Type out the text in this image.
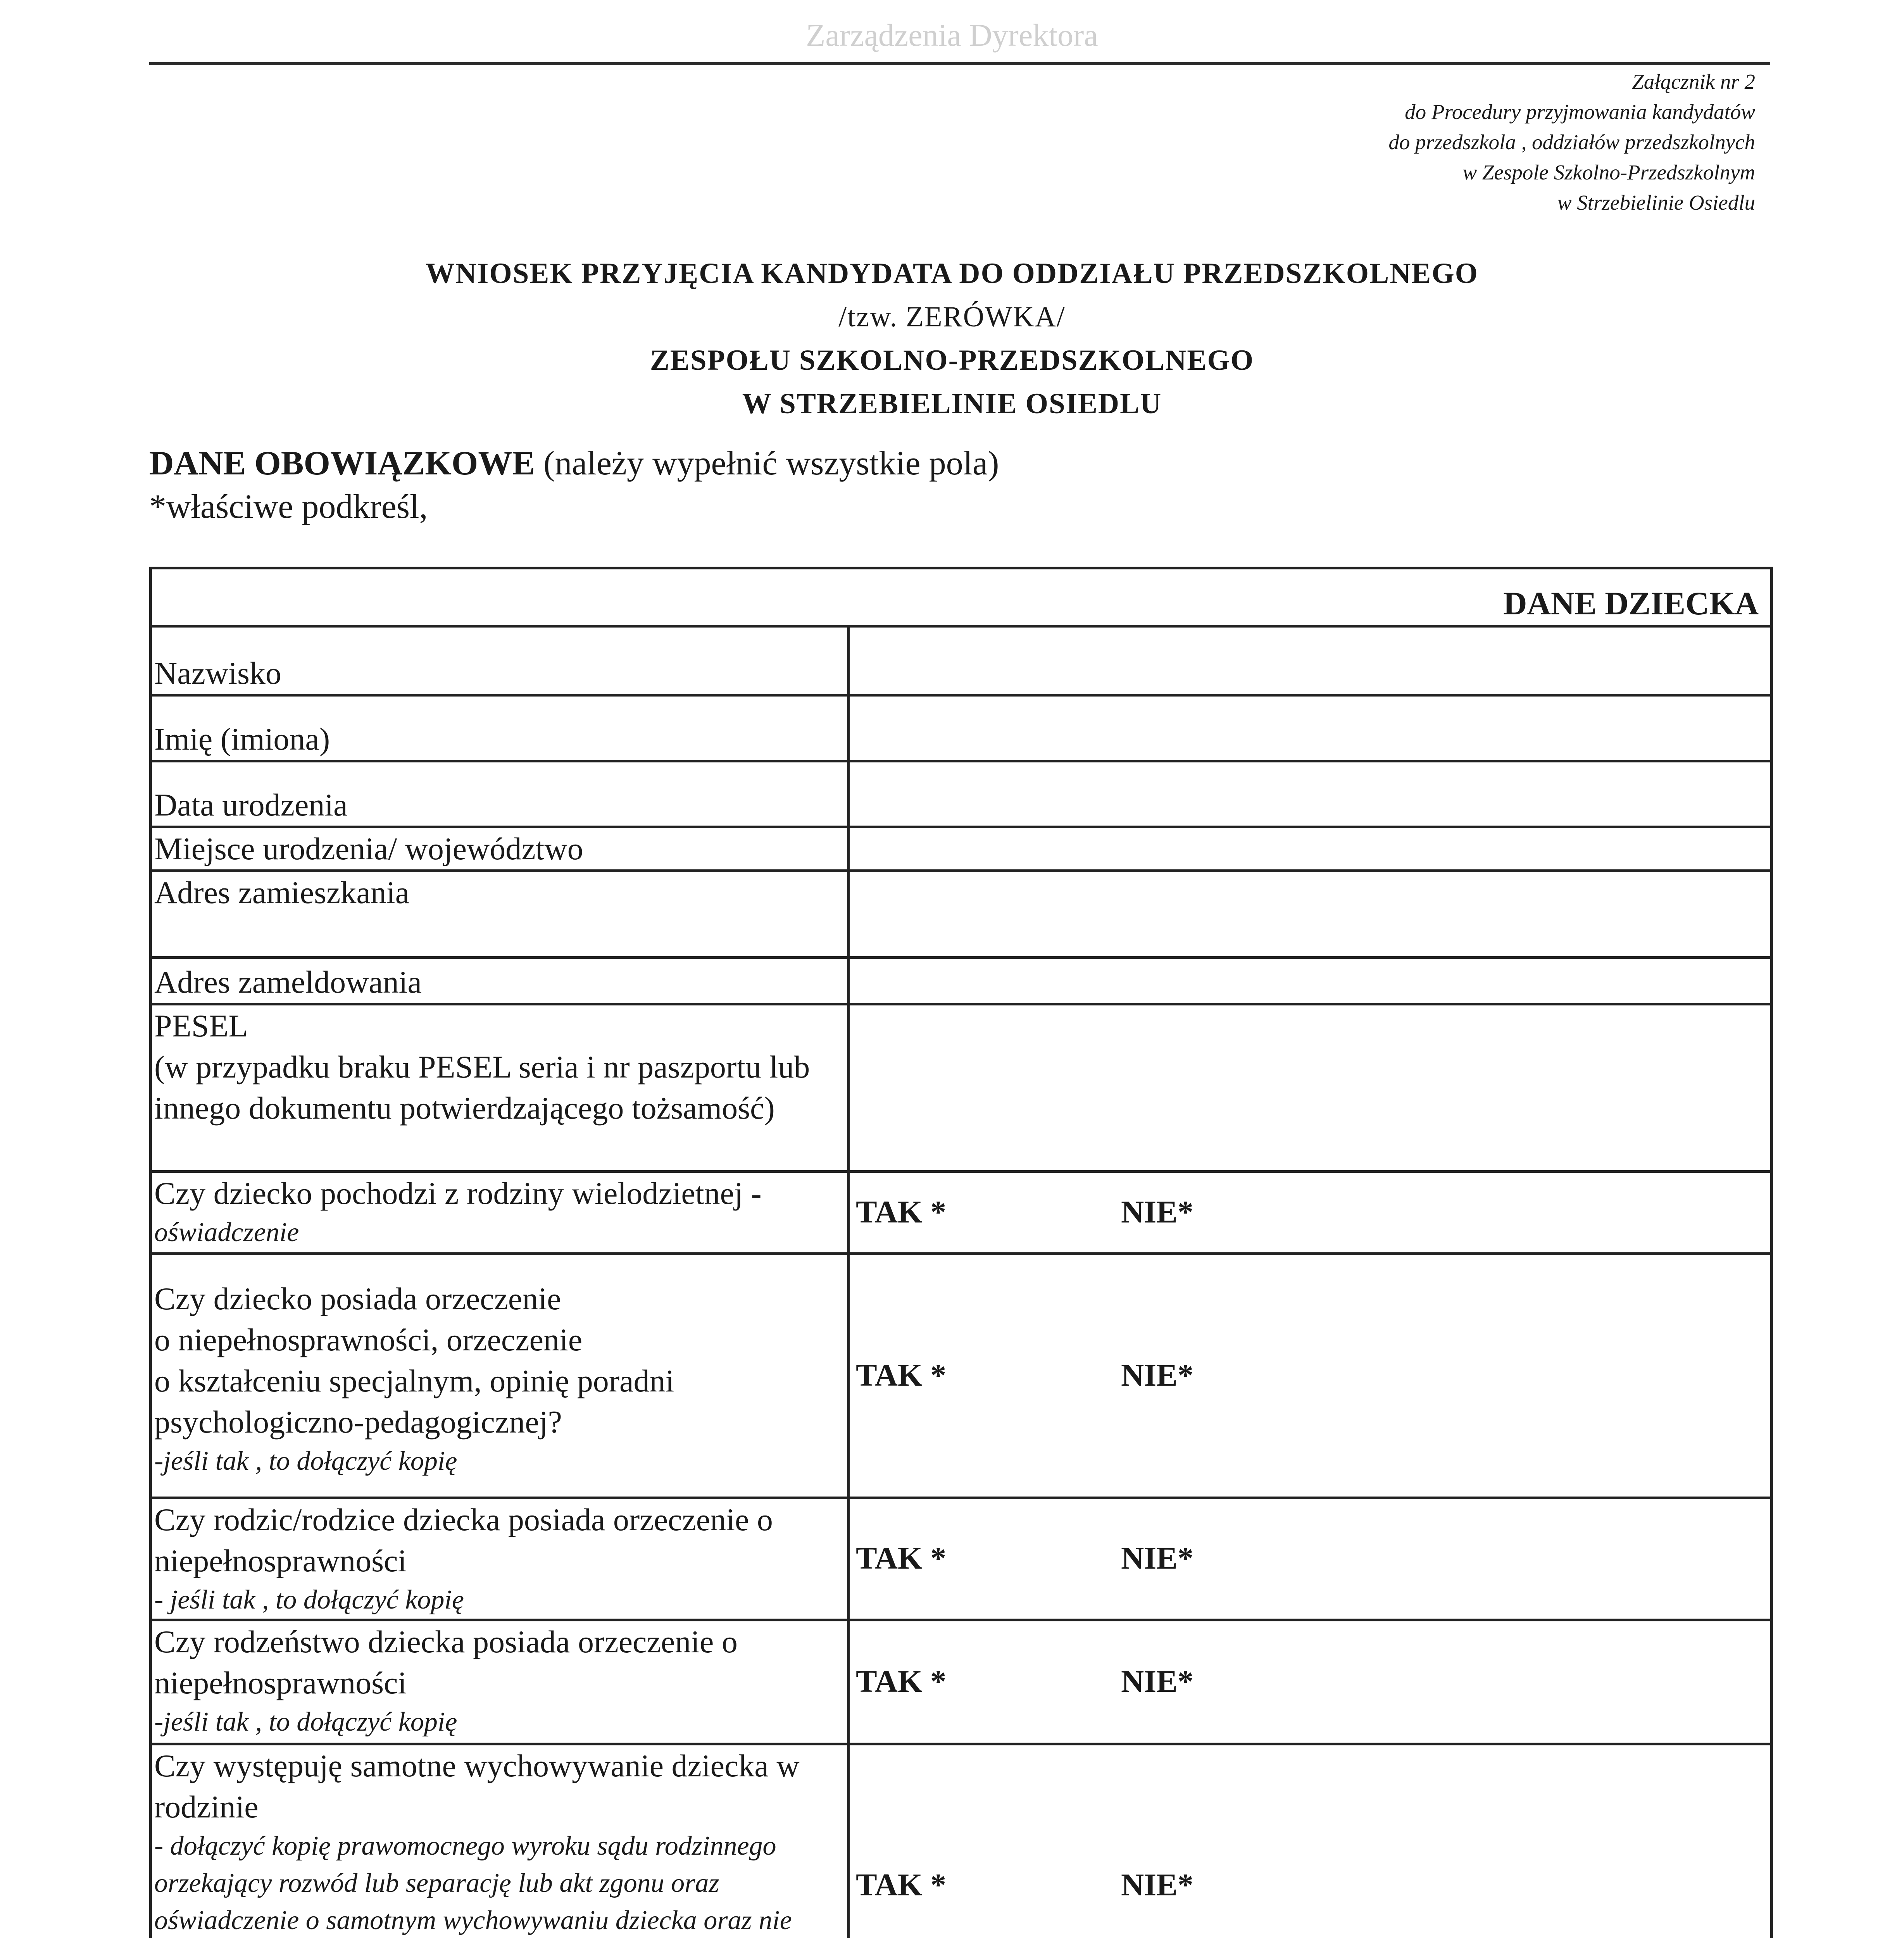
Zarządzenia Dyrektora
Załącznik nr 2
do Procedury przyjmowania kandydatów
do przedszkola , oddziałów przedszkolnych
w Zespole Szkolno-Przedszkolnym
w Strzebielinie Osiedlu
WNIOSEK PRZYJĘCIA KANDYDATA DO ODDZIAŁU PRZEDSZKOLNEGO
/tzw. ZERÓWKA/
ZESPOŁU SZKOLNO-PRZEDSZKOLNEGO
W STRZEBIELINIE OSIEDLU
DANE OBOWIĄZKOWE (należy wypełnić wszystkie pola)
*właściwe podkreśl,
DANE DZIECKA	
Nazwisko	
Imię (imiona)	
Data urodzenia	
Miejsce urodzenia/ województwo	
Adres zamieszkania	
Adres zameldowania	
PESEL
(w przypadku braku PESEL seria i nr paszportu lub innego dokumentu potwierdzającego tożsamość)	
Czy dziecko pochodzi z rodziny wielodzietnej -
oświadczenie	TAK * NIE*

Czy dziecko posiada orzeczenie
o niepełnosprawności, orzeczenie
o kształceniu specjalnym, opinię poradni psychologiczno-pedagogicznej?
-jeśli tak , to dołączyć kopię	TAK * NIE*

Czy rodzic/rodzice dziecka posiada orzeczenie o niepełnosprawności
- jeśli tak , to dołączyć kopię	TAK * NIE*

Czy rodzeństwo dziecka posiada orzeczenie o niepełnosprawności
-jeśli tak , to dołączyć kopię	TAK * NIE*

Czy występuję samotne wychowywanie dziecka w rodzinie
- dołączyć kopię prawomocnego wyroku sądu rodzinnego orzekający rozwód lub separację lub akt zgonu oraz oświadczenie o samotnym wychowywaniu dziecka oraz nie	TAK * NIE*
